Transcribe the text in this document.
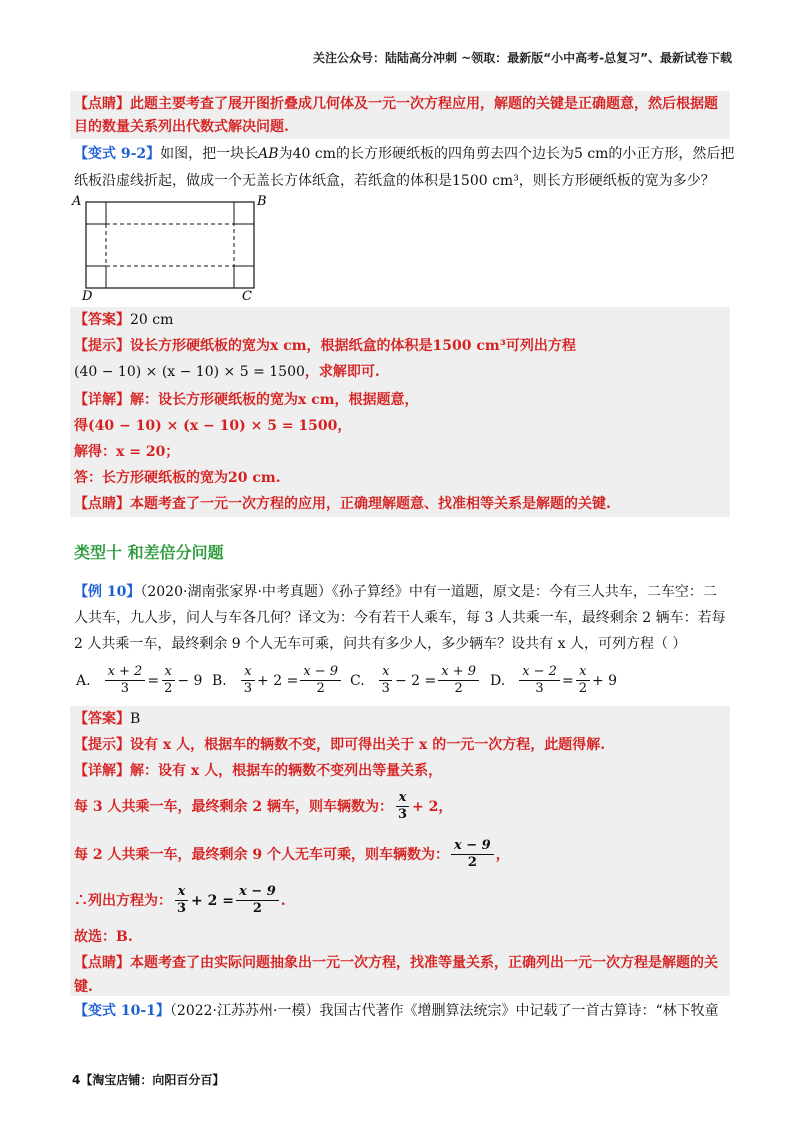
关注公众号：陆陆高分冲刺 ~领取：最新版“小中高考-总复习”、最新试卷下载
【点睛】此题主要考查了展开图折叠成几何体及一元一次方程应用，解题的关键是正确题意，然后根据题
目的数量关系列出代数式解决问题.
【变式 9-2】如图，把一块长AB为40 cm的长方形硬纸板的四角剪去四个边长为5 cm的小正方形，然后把
纸板沿虚线折起，做成一个无盖长方体纸盒，若纸盒的体积是1500 cm³，则长方形硬纸板的宽为多少？
A	B
D	C
【答案】20 cm
【提示】设长方形硬纸板的宽为x cm，根据纸盒的体积是1500 cm³可列出方程
(40 − 10) × (x − 10) × 5 = 1500，求解即可.
【详解】解：设长方形硬纸板的宽为x cm，根据题意，
得(40 − 10) × (x − 10) × 5 = 1500，
解得：x = 20；
答：长方形硬纸板的宽为20 cm.
【点睛】本题考查了一元一次方程的应用，正确理解题意、找准相等关系是解题的关键.
类型十 和差倍分问题
【例 10】（2020·湖南张家界·中考真题）《孙子算经》中有一道题，原文是：今有三人共车，二车空：二
人共车，九人步，问人与车各几何？译文为：今有若干人乘车，每 3 人共乘一车，最终剩余 2 辆车：若每
2 人共乘一车，最终剩余 9 个人无车可乘，问共有多少人，多少辆车？设共有 x 人，可列方程（ ）
A. $\frac{x + 2}{3} = \frac{x}{2} - 9$ B. $\frac{x}{3} + 2 = \frac{x - 9}{2} C$. $\frac{x}{3} - 2 = \frac{x + 9}{2} D$. $\frac{x - 2}{3} = \frac{x}{2} + 9$
【答案】B
【提示】设有 x 人，根据车的辆数不变，即可得出关于 x 的一元一次方程，此题得解.
【详解】解：设有 x 人，根据车的辆数不变列出等量关系，
每 3 人共乘一车，最终剩余 2 辆车，则车辆数为： $\frac{x}{3} + 2$，
每 2 人共乘一车，最终剩余 9 个人无车可乘，则车辆数为： $\frac{x - 9}{2}$ ，
∴列出方程为： $\frac{x}{3} + 2 = \frac{x - 9}{2}$ .
故选：B.
【点睛】本题考查了由实际问题抽象出一元一次方程，找准等量关系，正确列出一元一次方程是解题的关
键.
【变式 10-1】（2022·江苏苏州·一模）我国古代著作《增删算法统宗》中记载了一首古算诗：“林下牧童
4【淘宝店铺：向阳百分百】
